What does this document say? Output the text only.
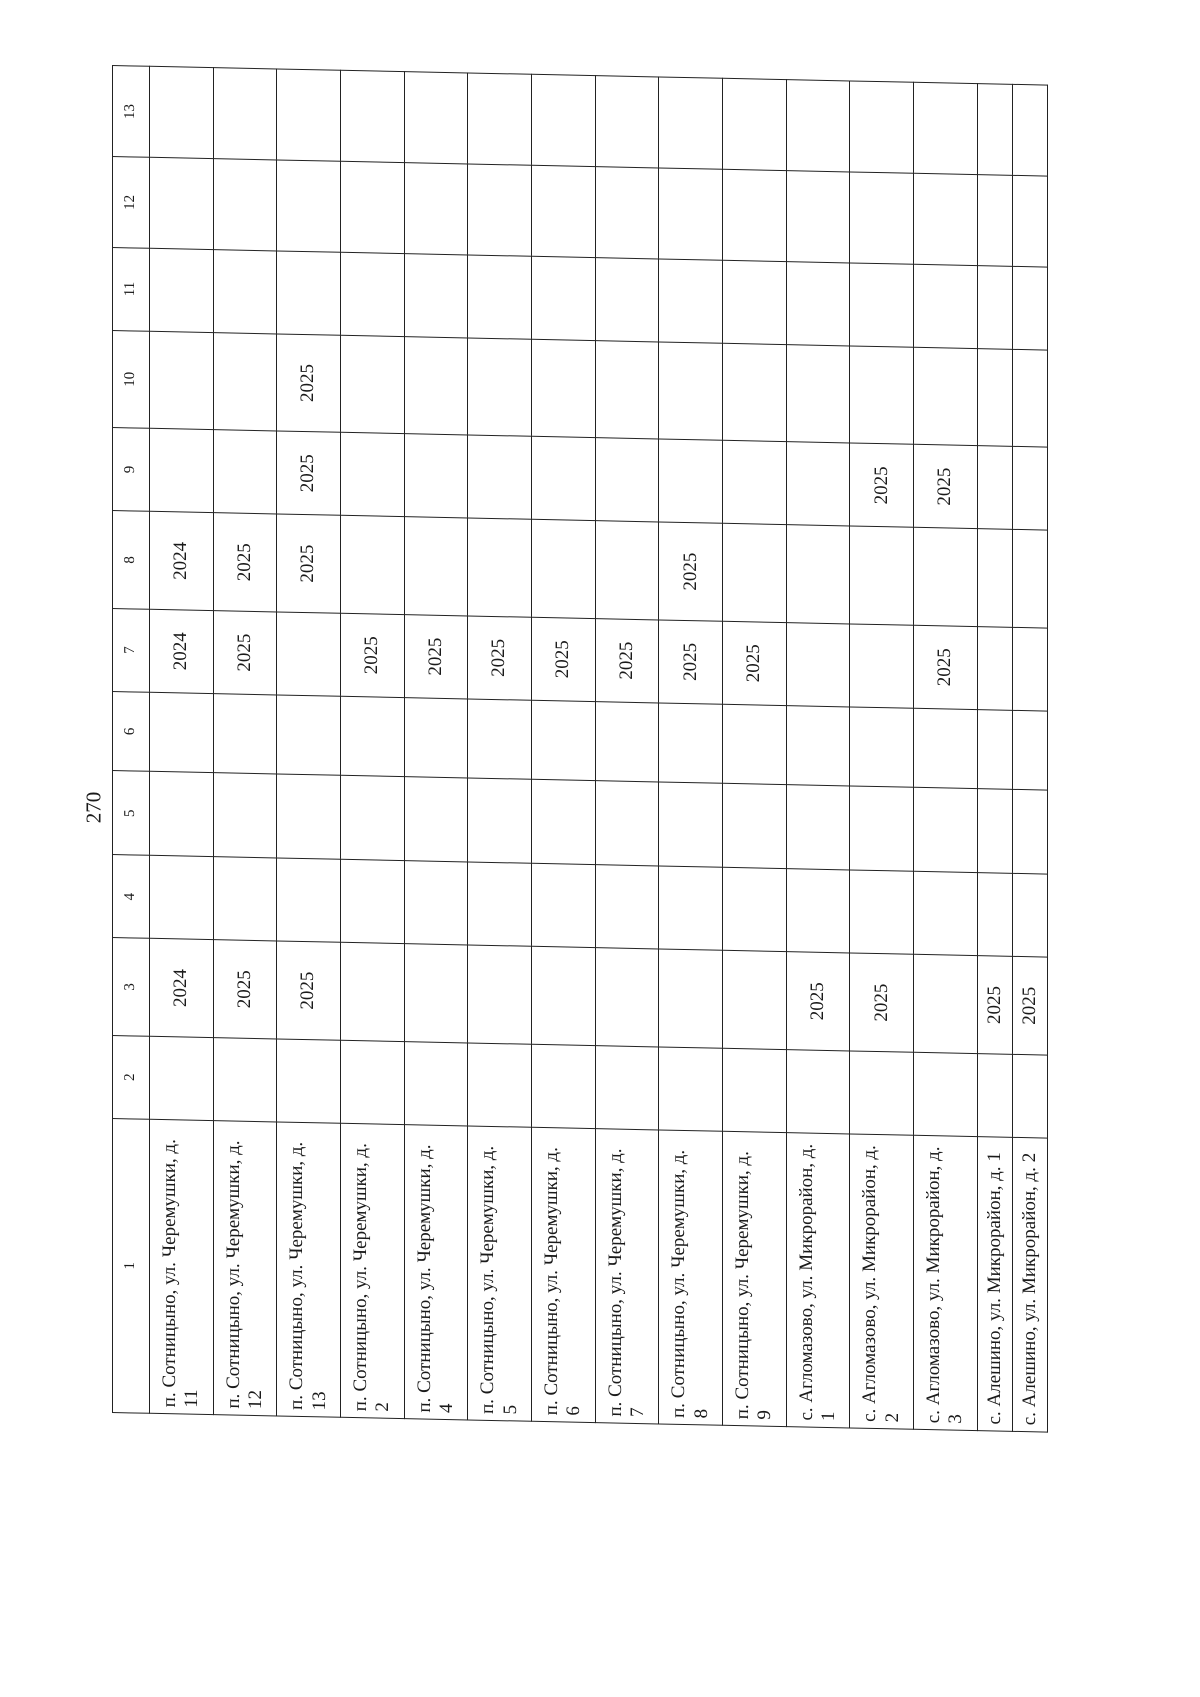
270
1	2	3	4	5	6	7	8	9	10	11	12	13
п. Сотницыно, ул. Черемушки, д. 11		2024				2024	2024					
п. Сотницыно, ул. Черемушки, д. 12		2025				2025	2025					
п. Сотницыно, ул. Черемушки, д. 13		2025					2025	2025	2025			
п. Сотницыно, ул. Черемушки, д. 2						2025						
п. Сотницыно, ул. Черемушки, д. 4						2025						
п. Сотницыно, ул. Черемушки, д. 5						2025						
п. Сотницыно, ул. Черемушки, д. 6						2025						
п. Сотницыно, ул. Черемушки, д. 7						2025						
п. Сотницыно, ул. Черемушки, д. 8						2025	2025					
п. Сотницыно, ул. Черемушки, д. 9						2025						
с. Агломазово, ул. Микрорайон, д. 1		2025										
с. Агломазово, ул. Микрорайон, д. 2		2025						2025				
с. Агломазово, ул. Микрорайон, д. 3						2025		2025				
с. Алешино, ул. Микрорайон, д. 1		2025										
с. Алешино, ул. Микрорайон, д. 2		2025										
